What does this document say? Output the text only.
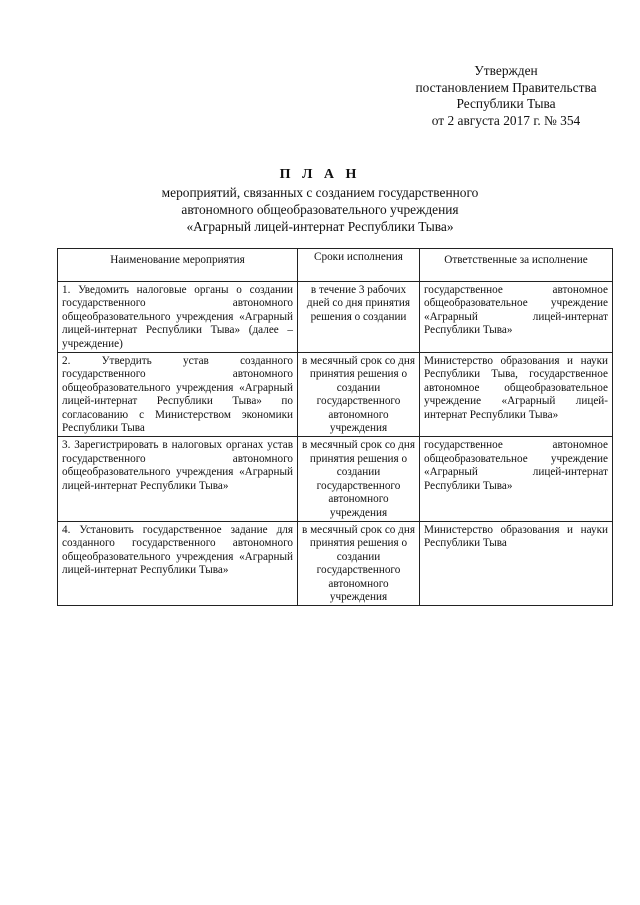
Утвержден
постановлением Правительства
Республики Тыва
от 2 августа 2017 г. № 354
П Л А Н
мероприятий, связанных с созданием государственного
автономного общеобразовательного учреждения
«Аграрный лицей-интернат Республики Тыва»
Наименование мероприятия	Сроки исполнения	Ответственные за исполнение
1. Уведомить налоговые органы о создании государственного автономного общеобразовательного учреждения «Аграрный лицей-интернат Республики Тыва» (далее – учреждение)	в течение 3 рабочих дней со дня принятия решения о создании	государственное автономное общеобразовательное учреждение «Аграрный лицей-интернат Республики Тыва»
2. Утвердить устав созданного государственного автономного общеобразовательного учреждения «Аграрный лицей-интернат Республики Тыва» по согласованию с Министерством экономики Республики Тыва	в месячный срок со дня принятия решения о создании государственного автономного учреждения	Министерство образования и науки Республики Тыва, государственное автономное общеобразовательное учреждение «Аграрный лицей-интернат Республики Тыва»
3. Зарегистрировать в налоговых органах устав государственного автономного общеобразовательного учреждения «Аграрный лицей-интернат Республики Тыва»	в месячный срок со дня принятия решения о создании государственного автономного учреждения	государственное автономное общеобразовательное учреждение «Аграрный лицей-интернат Республики Тыва»
4. Установить государственное задание для созданного государственного автономного общеобразовательного учреждения «Аграрный лицей-интернат Республики Тыва»	в месячный срок со дня принятия решения о создании государственного автономного учреждения	Министерство образования и науки Республики Тыва
